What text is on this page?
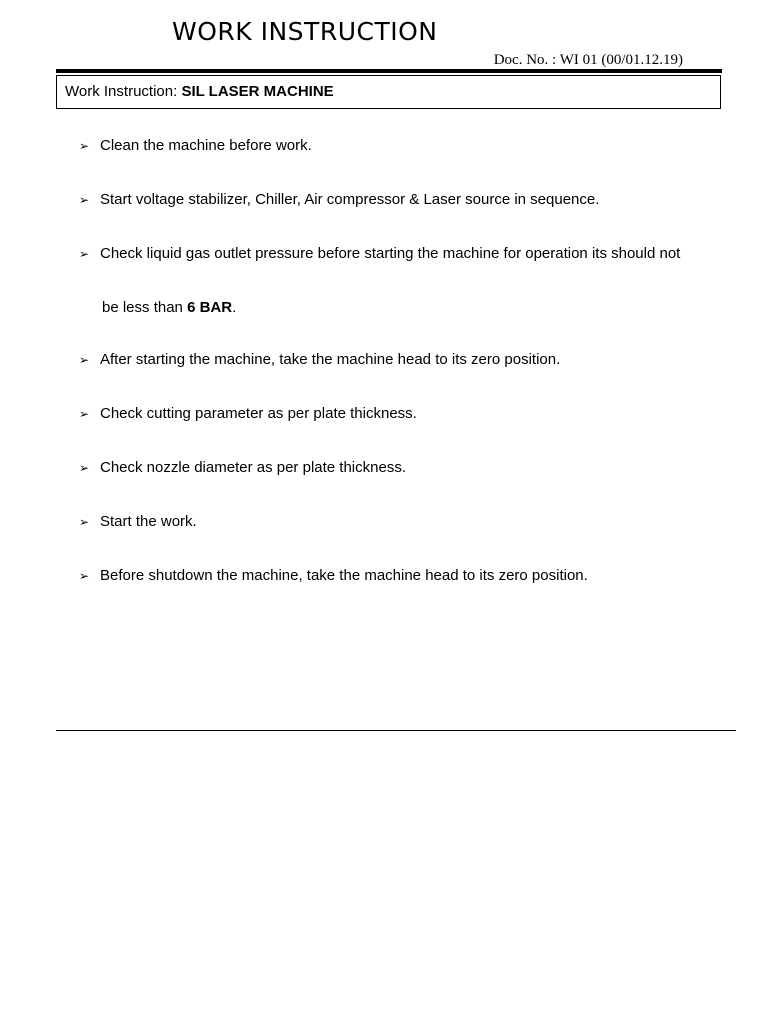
WORK INSTRUCTION
Doc. No. : WI 01 (00/01.12.19)
Work Instruction: SIL LASER MACHINE
➢ Clean the machine before work.
➢ Start voltage stabilizer, Chiller, Air compressor & Laser source in sequence.
➢ Check liquid gas outlet pressure before starting the machine for operation its should not
be less than 6 BAR.
➢ After starting the machine, take the machine head to its zero position.
➢ Check cutting parameter as per plate thickness.
➢ Check nozzle diameter as per plate thickness.
➢ Start the work.
➢ Before shutdown the machine, take the machine head to its zero position.
